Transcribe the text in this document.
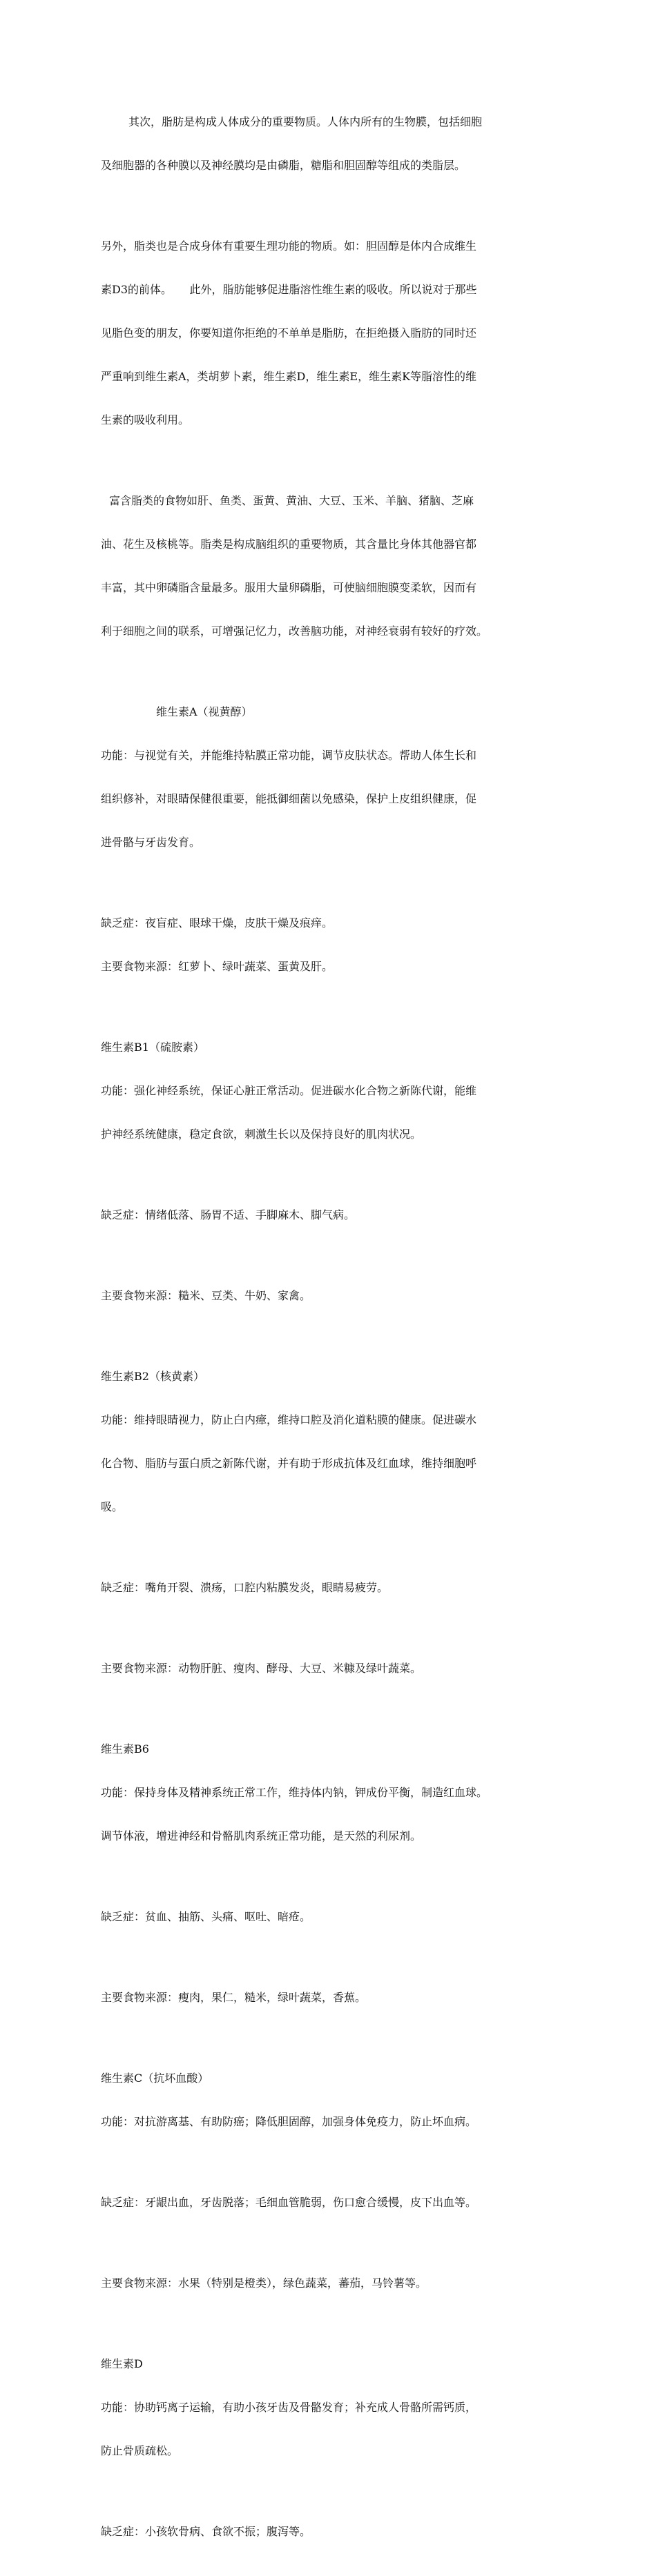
其次，脂肪是构成人体成分的重要物质。人体内所有的生物膜，包括细胞

及细胞器的各种膜以及神经膜均是由磷脂，糖脂和胆固醇等组成的类脂层。

另外，脂类也是合成身体有重要生理功能的物质。如：胆固醇是体内合成维生

素D3的前体。     此外，脂肪能够促进脂溶性维生素的吸收。所以说对于那些

见脂色变的朋友，你要知道你拒绝的不单单是脂肪，在拒绝摄入脂肪的同时还

严重响到维生素A，类胡萝卜素，维生素D，维生素E，维生素K等脂溶性的维

生素的吸收利用。

富含脂类的食物如肝、鱼类、蛋黄、黄油、大豆、玉米、羊脑、猪脑、芝麻

油、花生及核桃等。脂类是构成脑组织的重要物质，其含量比身体其他器官都

丰富，其中卵磷脂含量最多。服用大量卵磷脂，可使脑细胞膜变柔软，因而有

利于细胞之间的联系，可增强记忆力，改善脑功能，对神经衰弱有较好的疗效。

维生素A（视黄醇）

功能：与视觉有关，并能维持粘膜正常功能，调节皮肤状态。帮助人体生长和

组织修补，对眼睛保健很重要，能抵御细菌以免感染，保护上皮组织健康，促

进骨骼与牙齿发育。

缺乏症：夜盲症、眼球干燥，皮肤干燥及痕痒。

主要食物来源：红萝卜、绿叶蔬菜、蛋黄及肝。

维生素B1（硫胺素）

功能：强化神经系统，保证心脏正常活动。促进碳水化合物之新陈代谢，能维

护神经系统健康，稳定食欲，刺激生长以及保持良好的肌肉状况。

缺乏症：情绪低落、肠胃不适、手脚麻木、脚气病。

主要食物来源：糙米、豆类、牛奶、家禽。

维生素B2（核黄素）

功能：维持眼睛视力，防止白内瘴，维持口腔及消化道粘膜的健康。促进碳水

化合物、脂肪与蛋白质之新陈代谢，并有助于形成抗体及红血球，维持细胞呼

吸。

缺乏症：嘴角开裂、溃疡，口腔内粘膜发炎，眼睛易疲劳。

主要食物来源：动物肝脏、瘦肉、酵母、大豆、米糠及绿叶蔬菜。

维生素B6

功能：保持身体及精神系统正常工作，维持体内钠，钾成份平衡，制造红血球。

调节体液，增进神经和骨骼肌肉系统正常功能，是天然的利尿剂。

缺乏症：贫血、抽筋、头痛、呕吐、暗疮。

主要食物来源：瘦肉，果仁，糙米，绿叶蔬菜，香蕉。

维生素C（抗坏血酸）

功能：对抗游离基、有助防癌；降低胆固醇，加强身体免疫力，防止坏血病。

缺乏症：牙龈出血，牙齿脱落；毛细血管脆弱，伤口愈合缓慢，皮下出血等。

主要食物来源：水果（特别是橙类），绿色蔬菜，蕃茄，马铃薯等。

维生素D

功能：协助钙离子运输，有助小孩牙齿及骨骼发育；补充成人骨骼所需钙质，

防止骨质疏松。

缺乏症：小孩软骨病、食欲不振；腹泻等。
